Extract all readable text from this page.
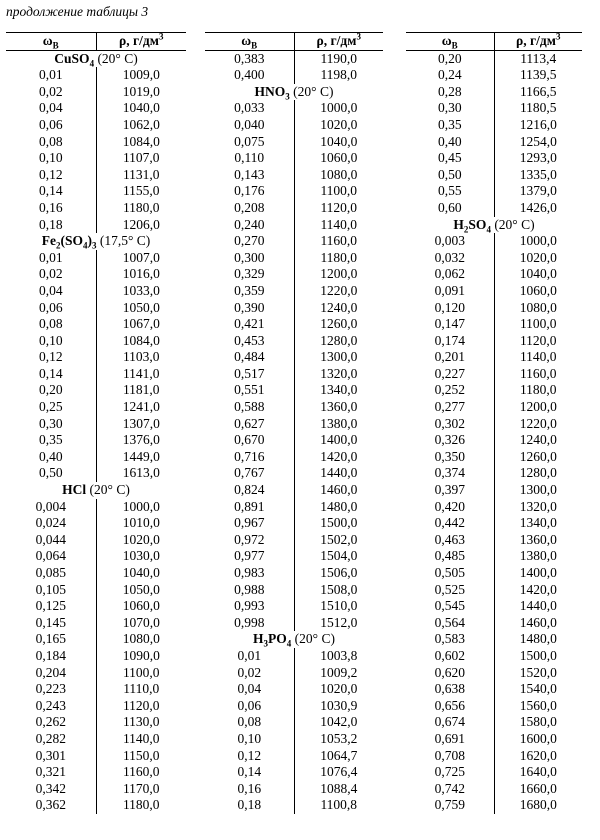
продолжение таблицы 3
$\omega_B$	ρ, $г/дм^3$
CuSO$_4$ (20° C)	
0,01	1009,0
0,02	1019,0
0,04	1040,0
0,06	1062,0
0,08	1084,0
0,10	1107,0
0,12	1131,0
0,14	1155,0
0,16	1180,0
0,18	1206,0
$Fe_2(SO_4)_3$ (17,5° C)	
0,01	1007,0
0,02	1016,0
0,04	1033,0
0,06	1050,0
0,08	1067,0
0,10	1084,0
0,12	1103,0
0,14	1141,0
0,20	1181,0
0,25	1241,0
0,30	1307,0
0,35	1376,0
0,40	1449,0
0,50	1613,0
HCl (20° C)	
0,004	1000,0
0,024	1010,0
0,044	1020,0
0,064	1030,0
0,085	1040,0
0,105	1050,0
0,125	1060,0
0,145	1070,0
0,165	1080,0
0,184	1090,0
0,204	1100,0
0,223	1110,0
0,243	1120,0
0,262	1130,0
0,282	1140,0
0,301	1150,0
0,321	1160,0
0,342	1170,0
0,362	1180,0
$\omega_B$	ρ, $г/дм^3$
0,383	1190,0
0,400	1198,0
$HNO_3$ (20° C)	
0,033	1000,0
0,040	1020,0
0,075	1040,0
0,110	1060,0
0,143	1080,0
0,176	1100,0
0,208	1120,0
0,240	1140,0
0,270	1160,0
0,300	1180,0
0,329	1200,0
0,359	1220,0
0,390	1240,0
0,421	1260,0
0,453	1280,0
0,484	1300,0
0,517	1320,0
0,551	1340,0
0,588	1360,0
0,627	1380,0
0,670	1400,0
0,716	1420,0
0,767	1440,0
0,824	1460,0
0,891	1480,0
0,967	1500,0
0,972	1502,0
0,977	1504,0
0,983	1506,0
0,988	1508,0
0,993	1510,0
0,998	1512,0
$H_3PO_4$ (20° C)	
0,01	1003,8
0,02	1009,2
0,04	1020,0
0,06	1030,9
0,08	1042,0
0,10	1053,2
0,12	1064,7
0,14	1076,4
0,16	1088,4
0,18	1100,8
$\omega_B$	ρ, $г/дм^3$
0,20	1113,4
0,24	1139,5
0,28	1166,5
0,30	1180,5
0,35	1216,0
0,40	1254,0
0,45	1293,0
0,50	1335,0
0,55	1379,0
0,60	1426,0
$H_2SO_4$ (20° C)	
0,003	1000,0
0,032	1020,0
0,062	1040,0
0,091	1060,0
0,120	1080,0
0,147	1100,0
0,174	1120,0
0,201	1140,0
0,227	1160,0
0,252	1180,0
0,277	1200,0
0,302	1220,0
0,326	1240,0
0,350	1260,0
0,374	1280,0
0,397	1300,0
0,420	1320,0
0,442	1340,0
0,463	1360,0
0,485	1380,0
0,505	1400,0
0,525	1420,0
0,545	1440,0
0,564	1460,0
0,583	1480,0
0,602	1500,0
0,620	1520,0
0,638	1540,0
0,656	1560,0
0,674	1580,0
0,691	1600,0
0,708	1620,0
0,725	1640,0
0,742	1660,0
0,759	1680,0
